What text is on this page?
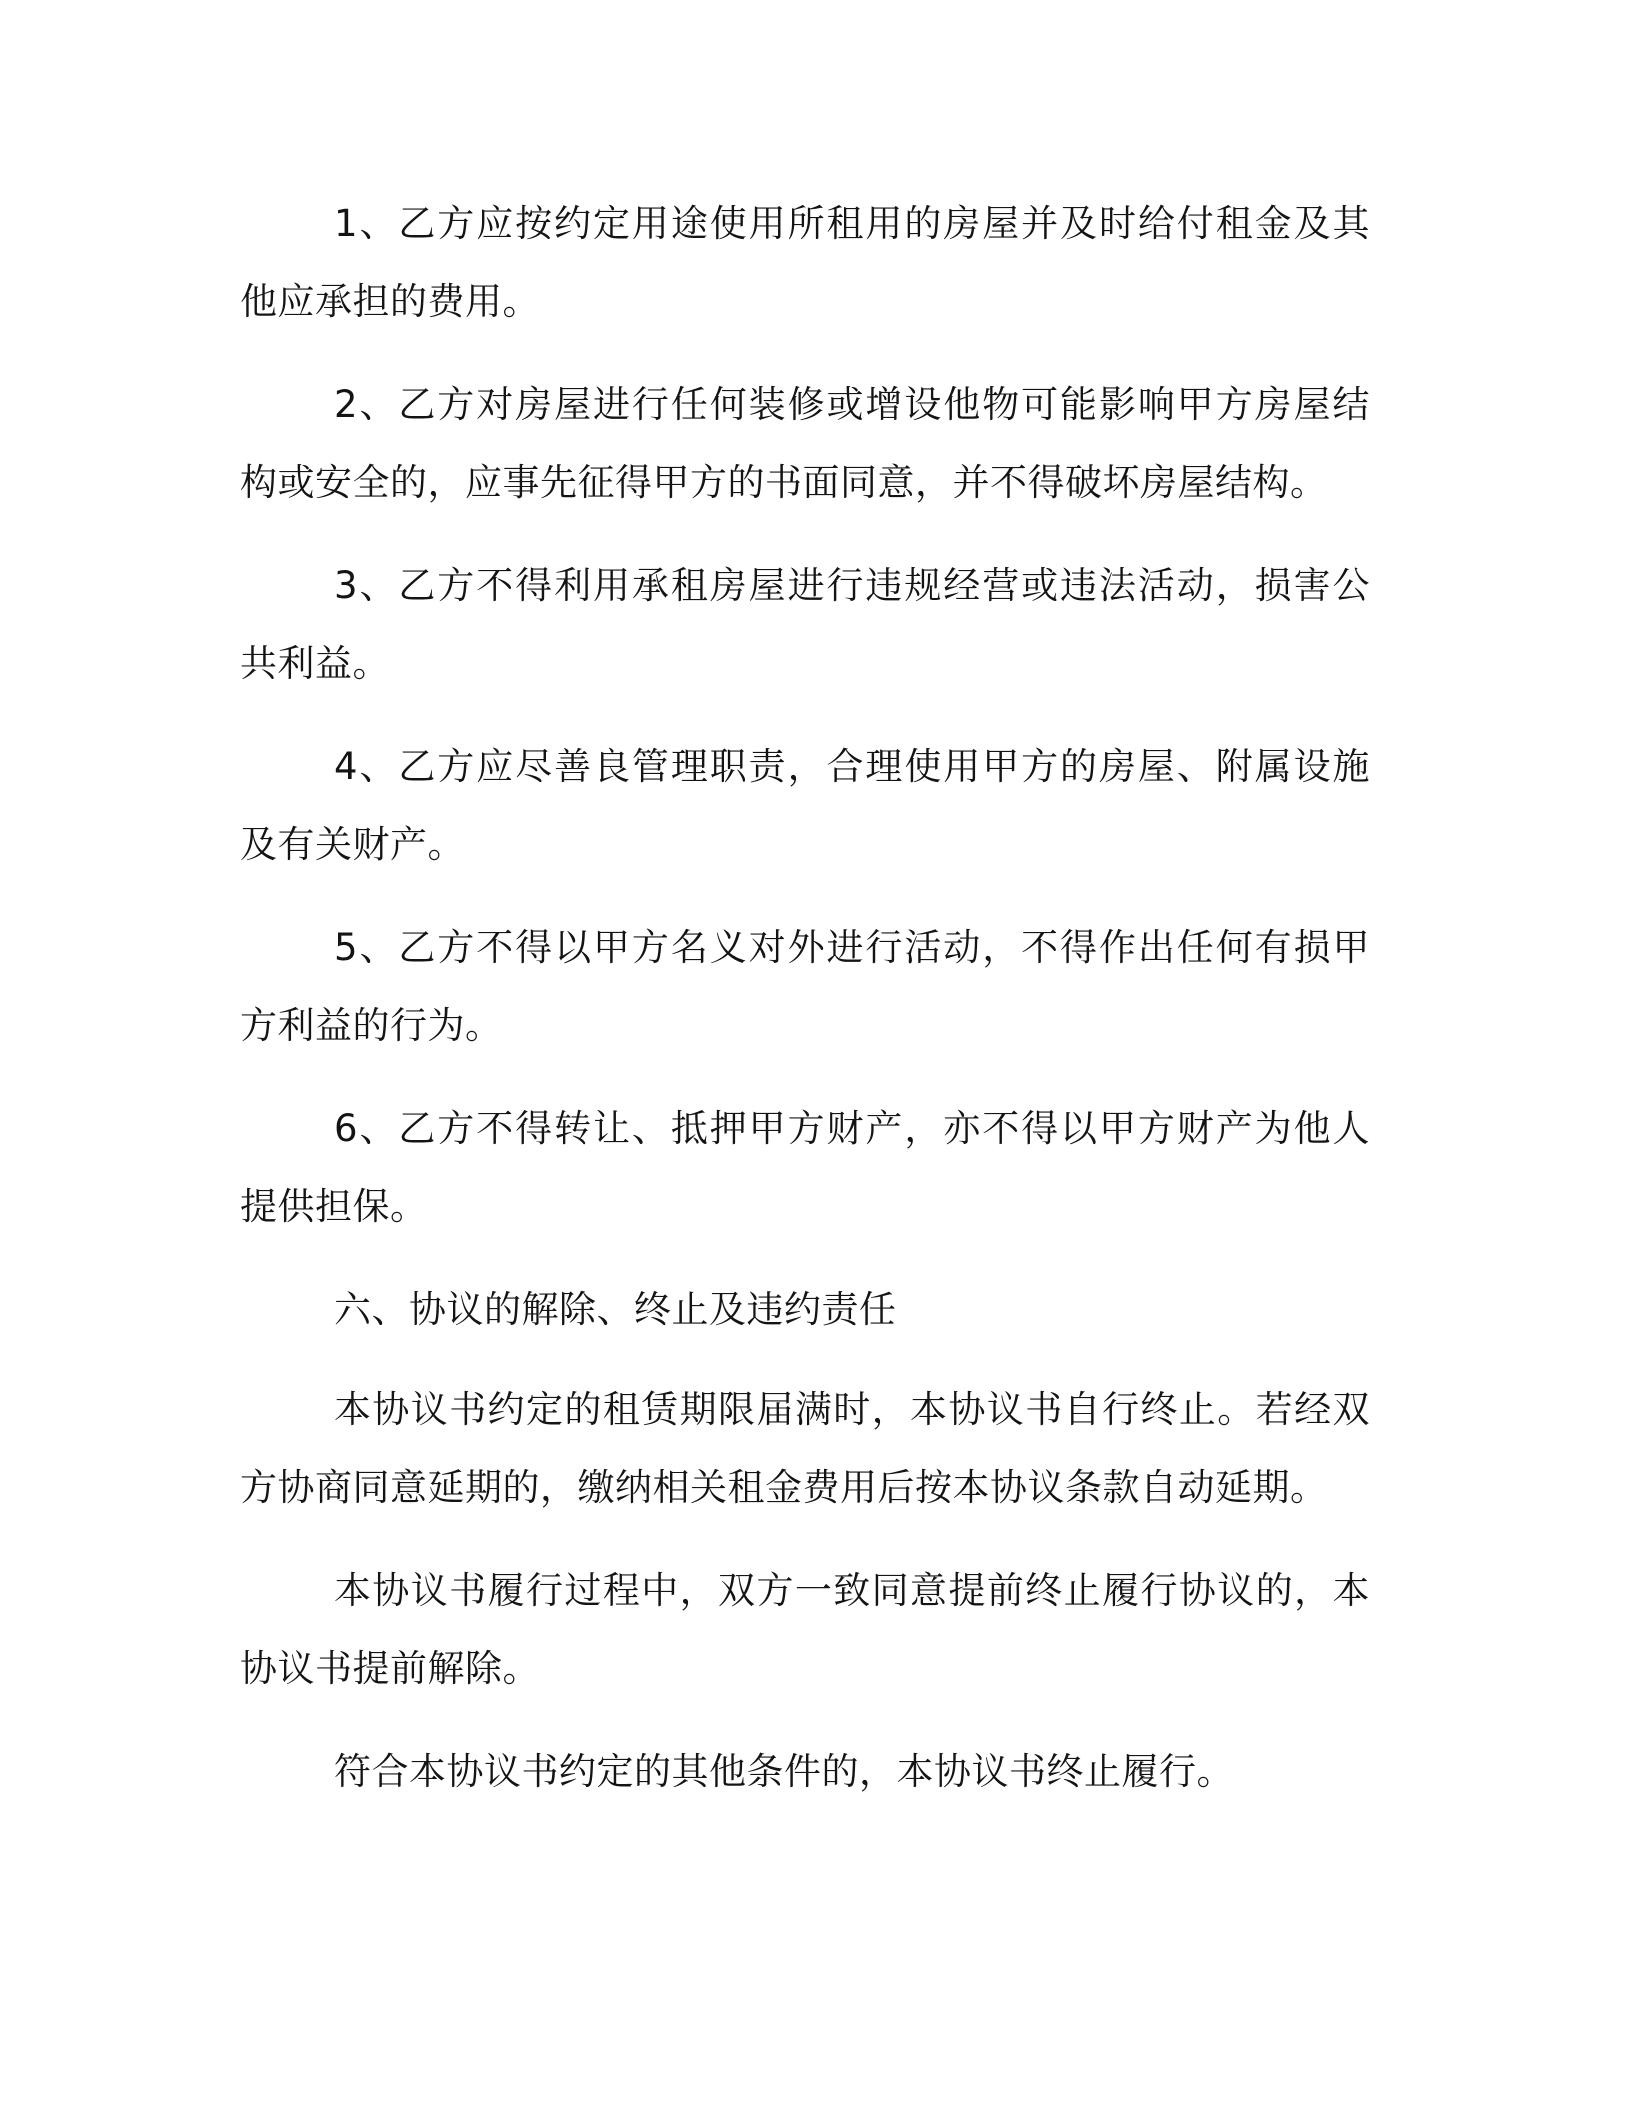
1、乙方应按约定用途使用所租用的房屋并及时给付租金及其他应承担的费用。

2、乙方对房屋进行任何装修或增设他物可能影响甲方房屋结构或安全的，应事先征得甲方的书面同意，并不得破坏房屋结构。

3、乙方不得利用承租房屋进行违规经营或违法活动，损害公共利益。

4、乙方应尽善良管理职责，合理使用甲方的房屋、附属设施及有关财产。

5、乙方不得以甲方名义对外进行活动，不得作出任何有损甲方利益的行为。

6、乙方不得转让、抵押甲方财产，亦不得以甲方财产为他人提供担保。

六、协议的解除、终止及违约责任

本协议书约定的租赁期限届满时，本协议书自行终止。若经双方协商同意延期的，缴纳相关租金费用后按本协议条款自动延期。

本协议书履行过程中，双方一致同意提前终止履行协议的，本协议书提前解除。

符合本协议书约定的其他条件的，本协议书终止履行。
